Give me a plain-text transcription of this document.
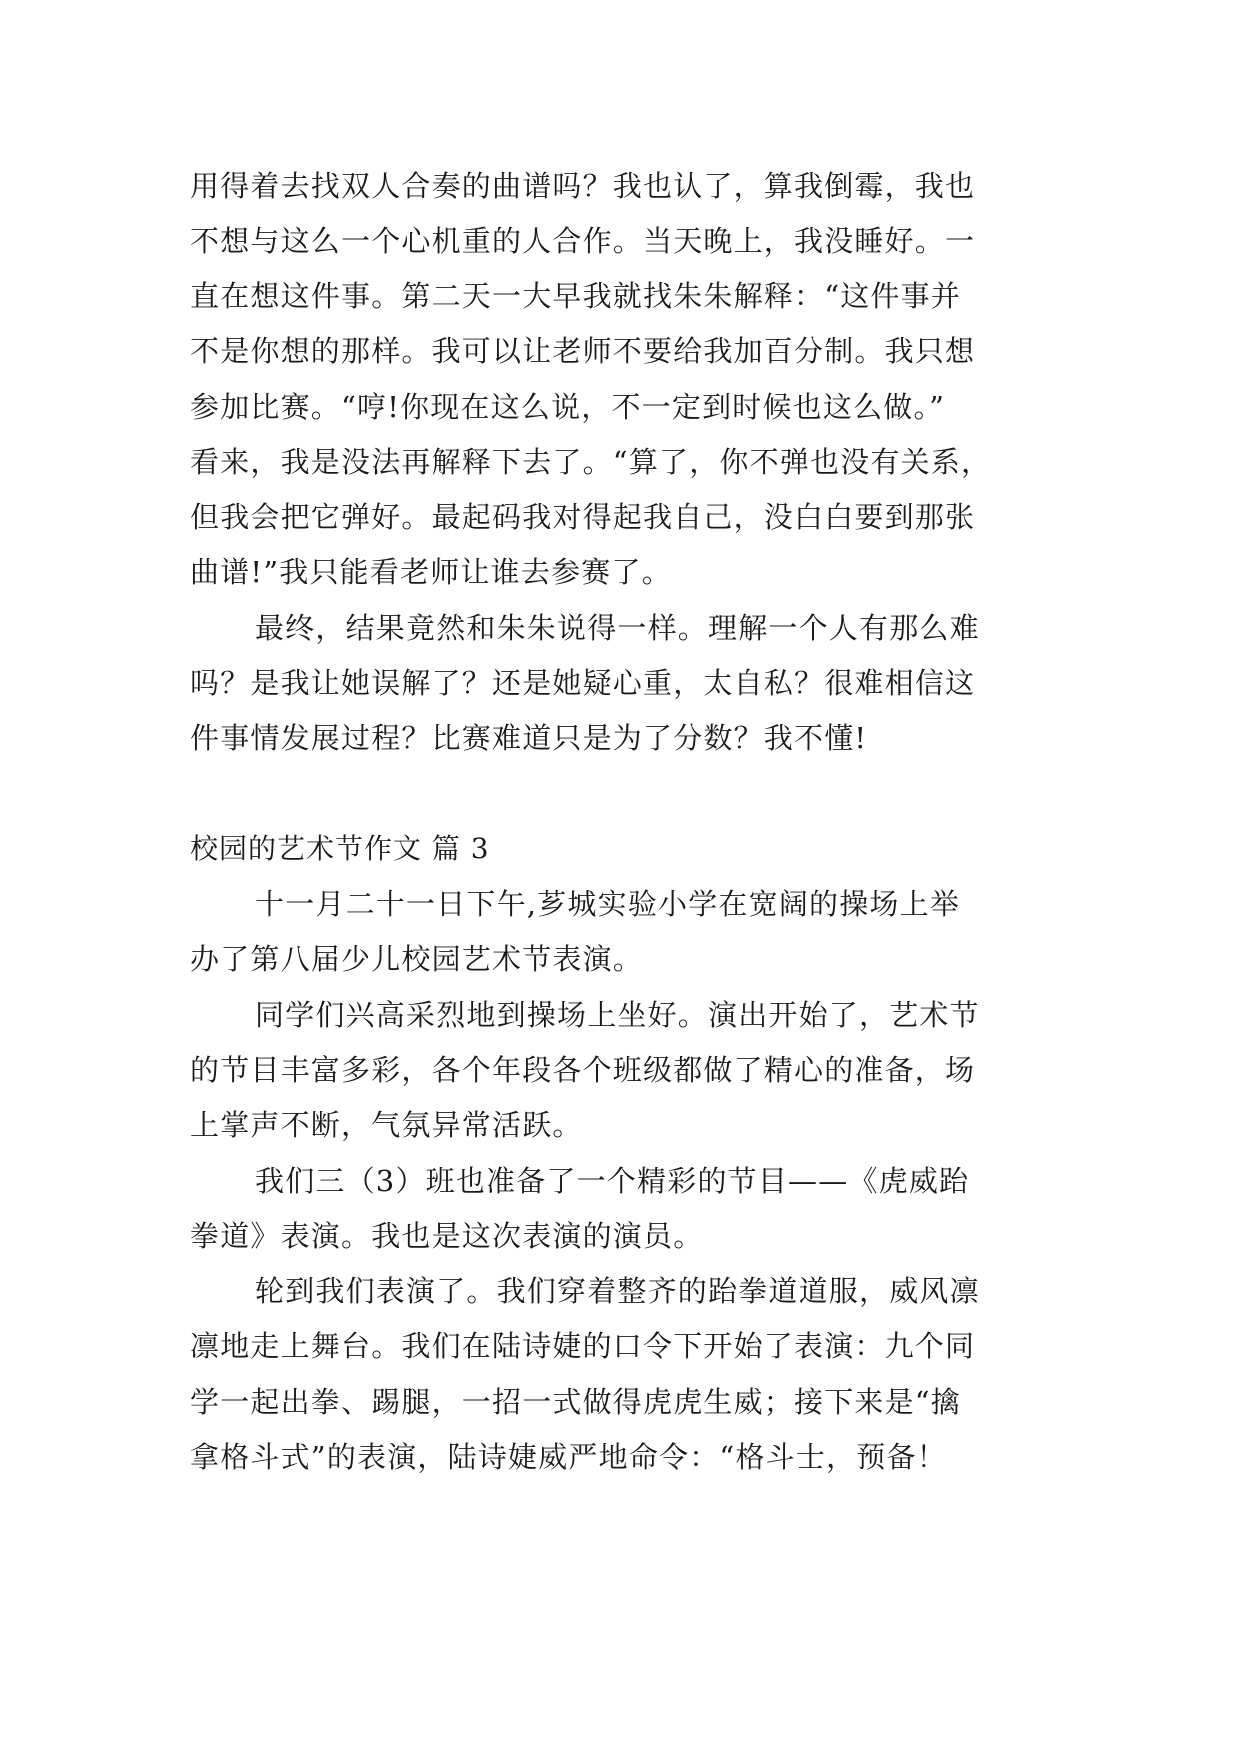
用得着去找双人合奏的曲谱吗？我也认了，算我倒霉，我也
不想与这么一个心机重的人合作。当天晚上，我没睡好。一
直在想这件事。第二天一大早我就找朱朱解释：“这件事并
不是你想的那样。我可以让老师不要给我加百分制。我只想
参加比赛。“哼!你现在这么说，不一定到时候也这么做。”
看来，我是没法再解释下去了。“算了，你不弹也没有关系，
但我会把它弹好。最起码我对得起我自己，没白白要到那张
曲谱!”我只能看老师让谁去参赛了。
最终，结果竟然和朱朱说得一样。理解一个人有那么难
吗？是我让她误解了？还是她疑心重，太自私？很难相信这
件事情发展过程？比赛难道只是为了分数？我不懂!
校园的艺术节作文 篇 3
十一月二十一日下午,芗城实验小学在宽阔的操场上举
办了第八届少儿校园艺术节表演。
同学们兴高采烈地到操场上坐好。演出开始了，艺术节
的节目丰富多彩，各个年段各个班级都做了精心的准备，场
上掌声不断，气氛异常活跃。
我们三（3）班也准备了一个精彩的节目——《虎威跆
拳道》表演。我也是这次表演的演员。
轮到我们表演了。我们穿着整齐的跆拳道道服，威风凛
凛地走上舞台。我们在陆诗婕的口令下开始了表演：九个同
学一起出拳、踢腿，一招一式做得虎虎生威；接下来是“擒
拿格斗式”的表演，陆诗婕威严地命令：“格斗士，预备！
